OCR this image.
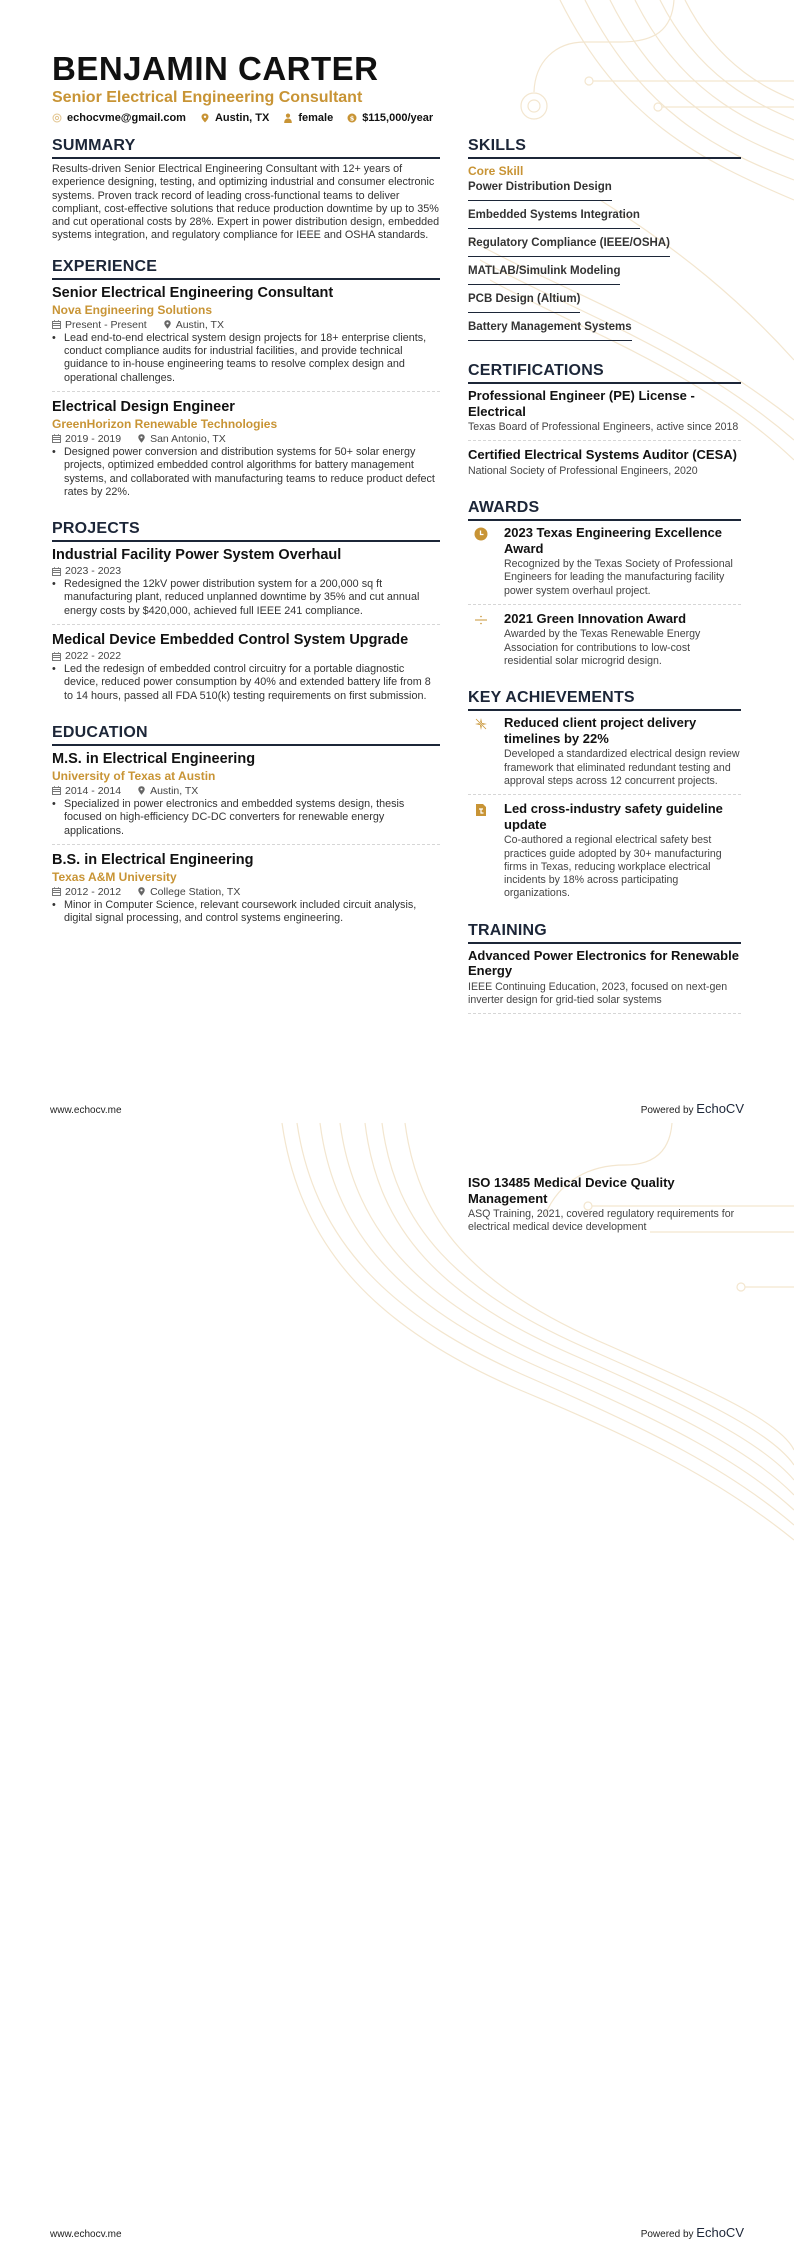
BENJAMIN CARTER
Senior Electrical Engineering Consultant
echocvme@gmail.com	Austin, TX	female	$ $115,000/year
SUMMARY
Results-driven Senior Electrical Engineering Consultant with 12+ years of experience designing, testing, and optimizing industrial and consumer electronic systems. Proven track record of leading cross-functional teams to deliver compliant, cost-effective solutions that reduce production downtime by up to 35% and cut operational costs by 28%. Expert in power distribution design, embedded systems integration, and regulatory compliance for IEEE and OSHA standards.
EXPERIENCE
Senior Electrical Engineering Consultant
Nova Engineering Solutions
Present - Present	Austin, TX
• Lead end-to-end electrical system design projects for 18+ enterprise clients, conduct compliance audits for industrial facilities, and provide technical guidance to in-house engineering teams to resolve complex design and operational challenges.
Electrical Design Engineer
GreenHorizon Renewable Technologies
2019 - 2019	San Antonio, TX
• Designed power conversion and distribution systems for 50+ solar energy projects, optimized embedded control algorithms for battery management systems, and collaborated with manufacturing teams to reduce product defect rates by 22%.
PROJECTS
Industrial Facility Power System Overhaul
2023 - 2023
• Redesigned the 12kV power distribution system for a 200,000 sq ft manufacturing plant, reduced unplanned downtime by 35% and cut annual energy costs by $420,000, achieved full IEEE 241 compliance.
Medical Device Embedded Control System Upgrade
2022 - 2022
• Led the redesign of embedded control circuitry for a portable diagnostic device, reduced power consumption by 40% and extended battery life from 8 to 14 hours, passed all FDA 510(k) testing requirements on first submission.
EDUCATION
M.S. in Electrical Engineering
University of Texas at Austin
2014 - 2014	Austin, TX
• Specialized in power electronics and embedded systems design, thesis focused on high-efficiency DC-DC converters for renewable energy applications.
B.S. in Electrical Engineering
Texas A&M University
2012 - 2012	College Station, TX
• Minor in Computer Science, relevant coursework included circuit analysis, digital signal processing, and control systems engineering.
SKILLS
Core Skill
Power Distribution Design
Embedded Systems Integration
Regulatory Compliance (IEEE/OSHA)
MATLAB/Simulink Modeling
PCB Design (Altium)
Battery Management Systems
CERTIFICATIONS
Professional Engineer (PE) License - Electrical
Texas Board of Professional Engineers, active since 2018
Certified Electrical Systems Auditor (CESA)
National Society of Professional Engineers, 2020
AWARDS
2023 Texas Engineering Excellence Award
Recognized by the Texas Society of Professional Engineers for leading the manufacturing facility power system overhaul project.
2021 Green Innovation Award
Awarded by the Texas Renewable Energy Association for contributions to low-cost residential solar microgrid design.
KEY ACHIEVEMENTS
Reduced client project delivery timelines by 22%
Developed a standardized electrical design review framework that eliminated redundant testing and approval steps across 12 concurrent projects.
Led cross-industry safety guideline update
Co-authored a regional electrical safety best practices guide adopted by 30+ manufacturing firms in Texas, reducing workplace electrical incidents by 18% across participating organizations.
TRAINING
Advanced Power Electronics for Renewable Energy
IEEE Continuing Education, 2023, focused on next-gen inverter design for grid-tied solar systems
www.echocv.me	Powered by EchoCV
ISO 13485 Medical Device Quality Management
ASQ Training, 2021, covered regulatory requirements for electrical medical device development
www.echocv.me	Powered by EchoCV
